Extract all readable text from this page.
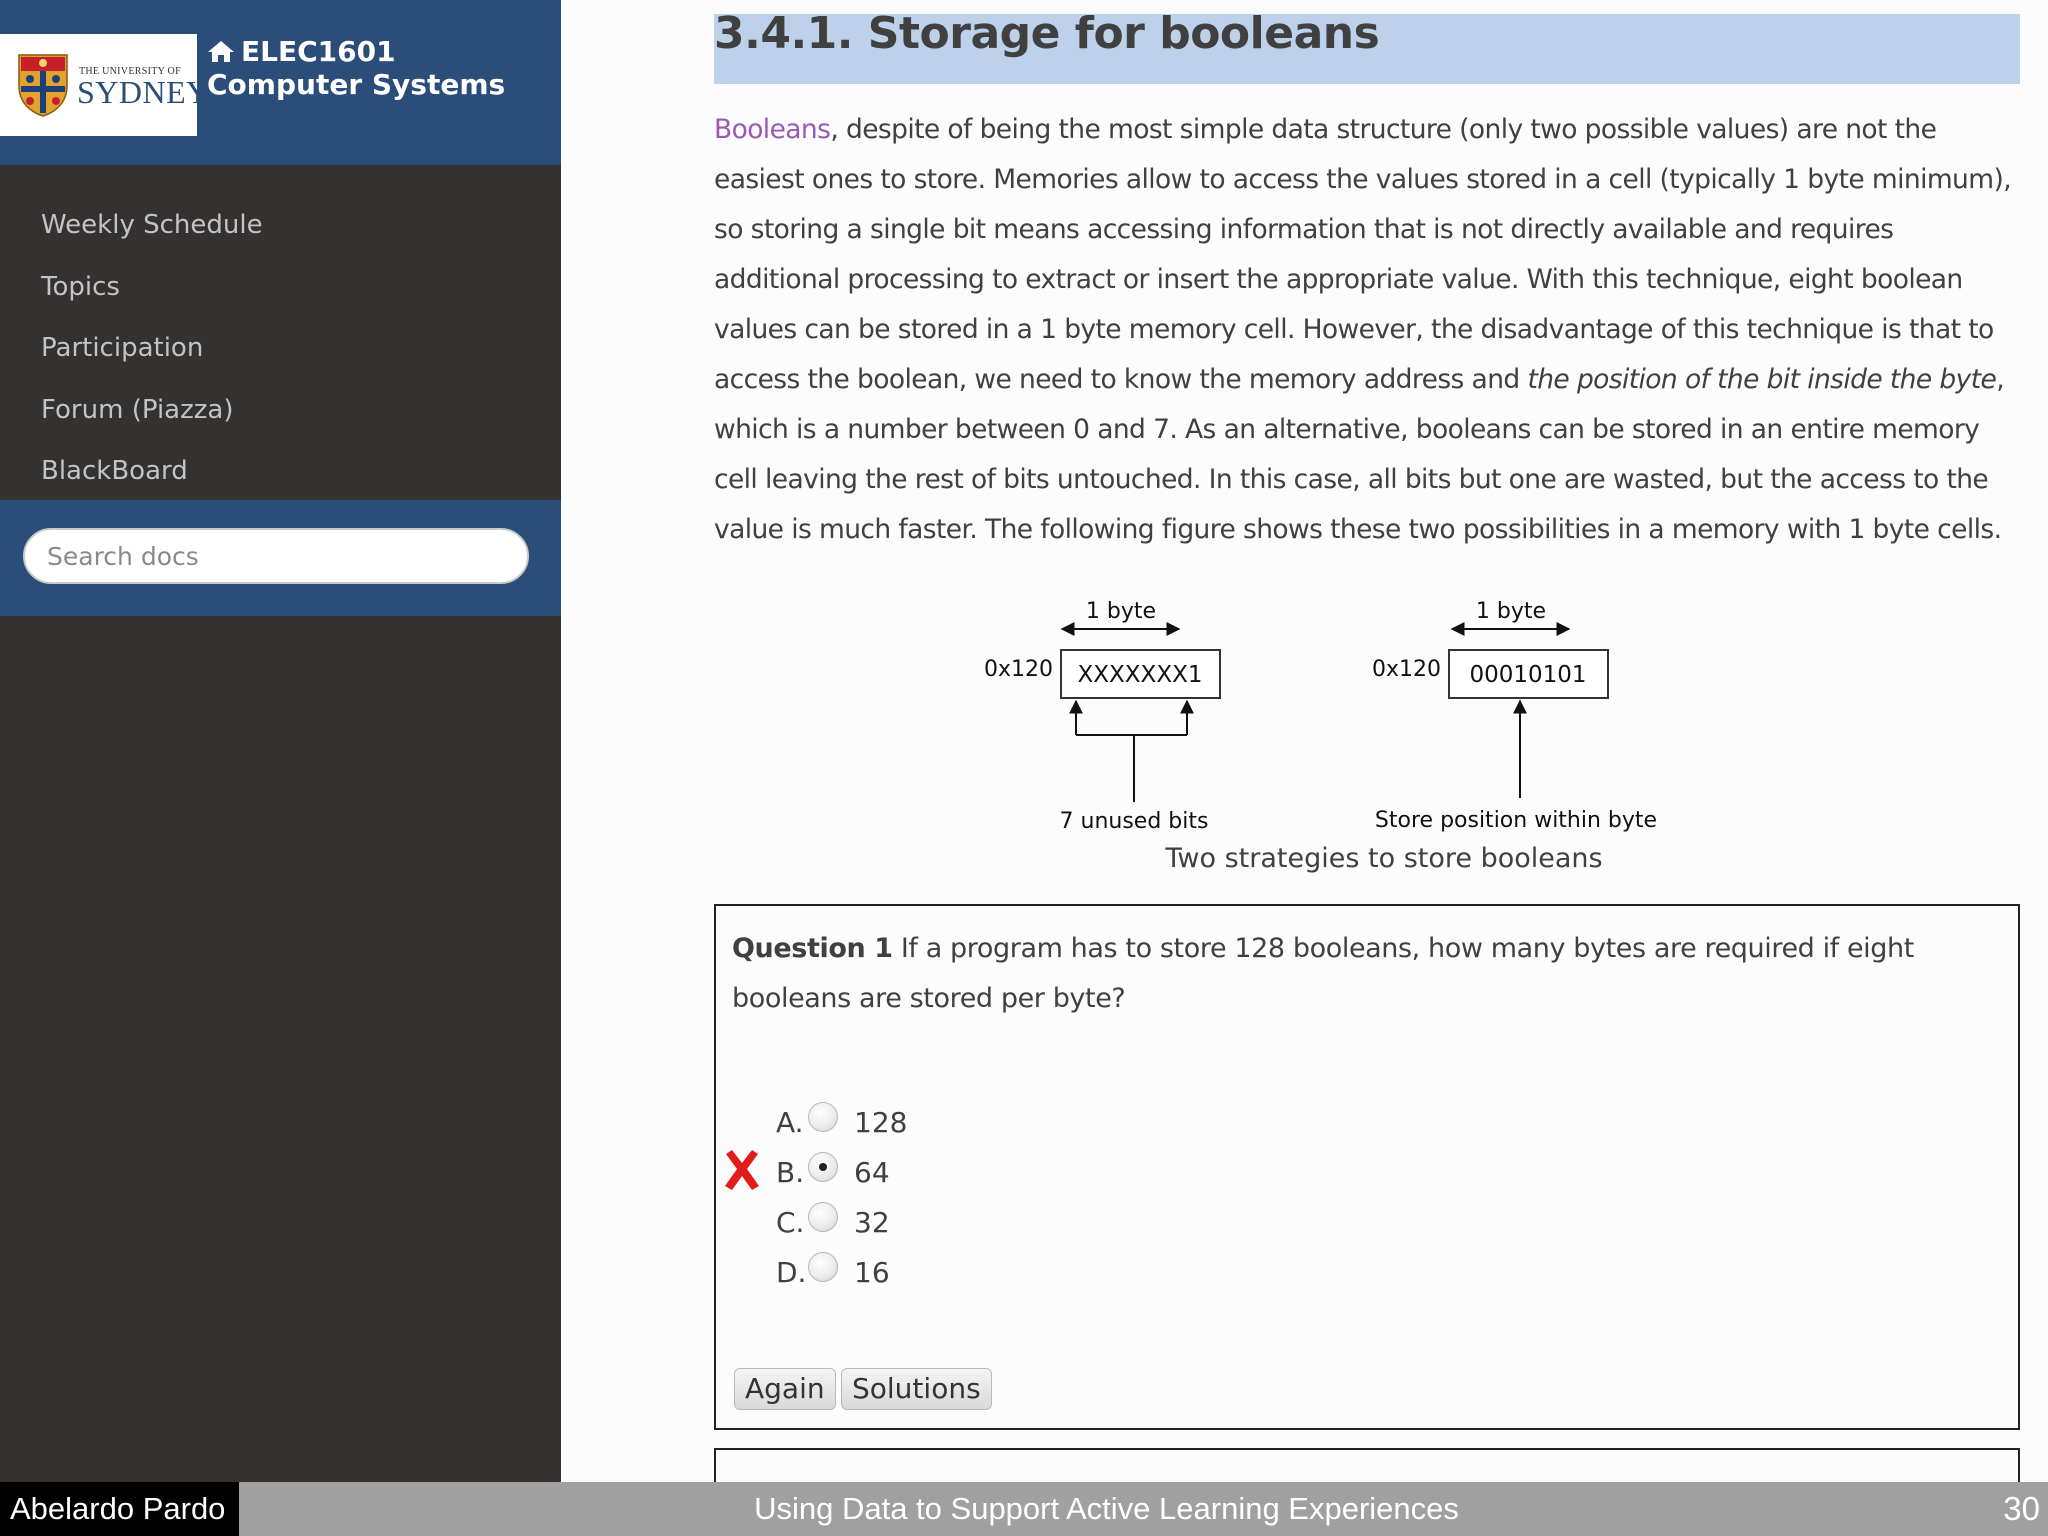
THE UNIVERSITY OF
SYDNEY
ELEC1601 Computer Systems
Weekly Schedule
Topics
Participation
Forum (Piazza)
BlackBoard
Search docs
3.4.1. Storage for booleans

Booleans, despite of being the most simple data structure (only two possible values) are not the easiest ones to store. Memories allow to access the values stored in a cell (typically 1 byte minimum), so storing a single bit means accessing information that is not directly available and requires additional processing to extract or insert the appropriate value. With this technique, eight boolean values can be stored in a 1 byte memory cell. However, the disadvantage of this technique is that to access the boolean, we need to know the memory address and the position of the bit inside the byte, which is a number between 0 and 7. As an alternative, booleans can be stored in an entire memory cell leaving the rest of bits untouched. In this case, all bits but one are wasted, but the access to the value is much faster. The following figure shows these two possibilities in a memory with 1 byte cells.

1 byte
0x120 XXXXXXX1
7 unused bits
1 byte
0x120 00010101
Store position within byte
Two strategies to store booleans

Question 1 If a program has to store 128 booleans, how many bytes are required if eight booleans are stored per byte?

A. 128
B. 64
C. 32
D. 16
Again Solutions
Using Data to Support Active Learning Experiences
Abelardo Pardo	30
